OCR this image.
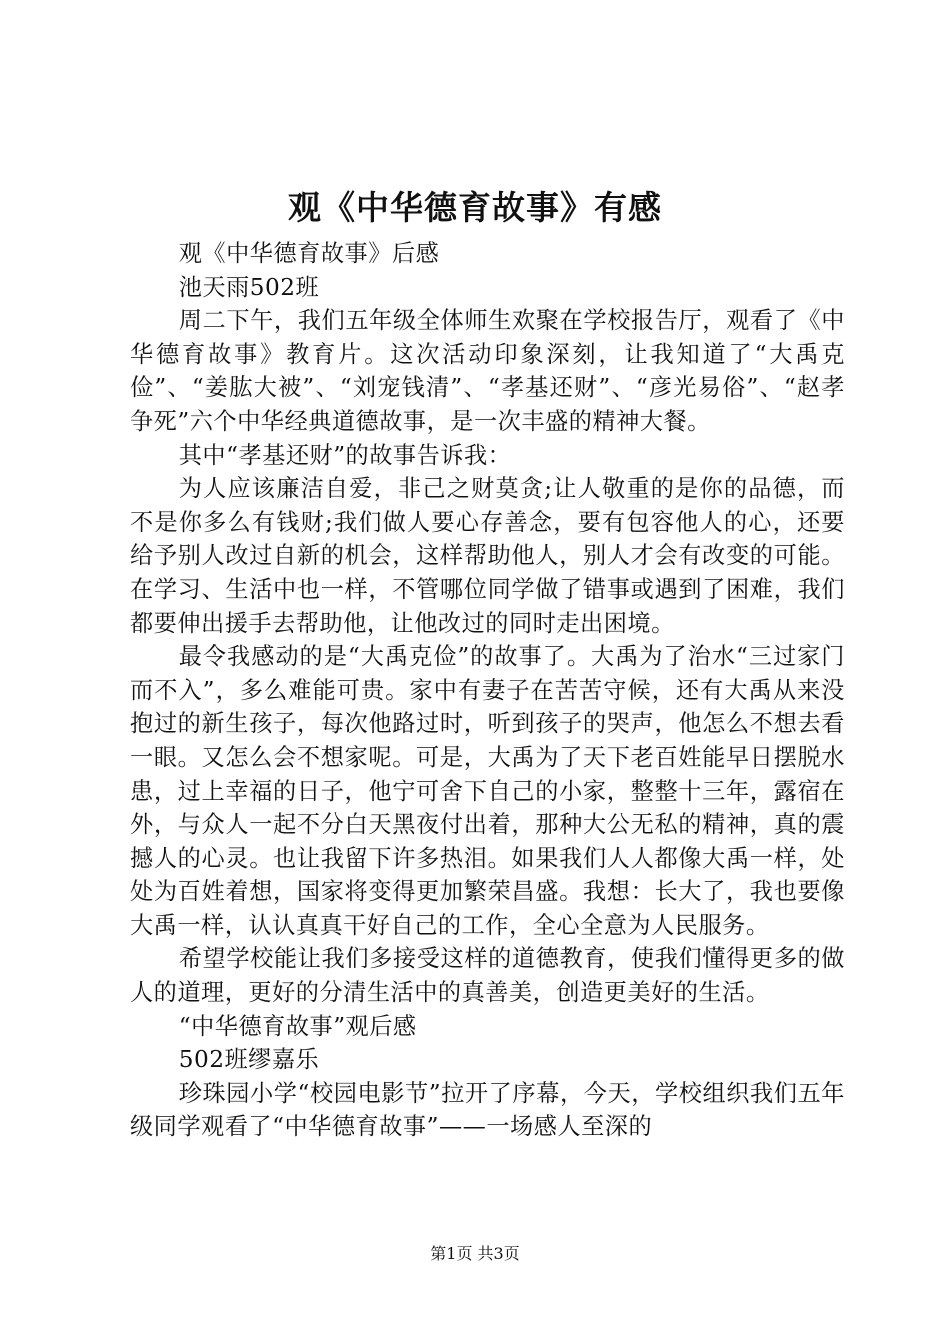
观《中华德育故事》有感

观《中华德育故事》后感

池天雨502班

周二下午，我们五年级全体师生欢聚在学校报告厅，观看了《中华德育故事》教育片。这次活动印象深刻，让我知道了“大禹克俭”、“姜肱大被”、“刘宠钱清”、“孝基还财”、“彦光易俗”、“赵孝争死”六个中华经典道德故事，是一次丰盛的精神大餐。

其中“孝基还财”的故事告诉我：

为人应该廉洁自爱，非己之财莫贪;让人敬重的是你的品德，而不是你多么有钱财;我们做人要心存善念，要有包容他人的心，还要给予别人改过自新的机会，这样帮助他人，别人才会有改变的可能。在学习、生活中也一样，不管哪位同学做了错事或遇到了困难，我们都要伸出援手去帮助他，让他改过的同时走出困境。

最令我感动的是“大禹克俭”的故事了。大禹为了治水“三过家门而不入”，多么难能可贵。家中有妻子在苦苦守候，还有大禹从来没抱过的新生孩子，每次他路过时，听到孩子的哭声，他怎么不想去看一眼。又怎么会不想家呢。可是，大禹为了天下老百姓能早日摆脱水患，过上幸福的日子，他宁可舍下自己的小家，整整十三年，露宿在外，与众人一起不分白天黑夜付出着，那种大公无私的精神，真的震撼人的心灵。也让我留下许多热泪。如果我们人人都像大禹一样，处处为百姓着想，国家将变得更加繁荣昌盛。我想：长大了，我也要像大禹一样，认认真真干好自己的工作，全心全意为人民服务。

希望学校能让我们多接受这样的道德教育，使我们懂得更多的做人的道理，更好的分清生活中的真善美，创造更美好的生活。

“中华德育故事”观后感

502班缪嘉乐

珍珠园小学“校园电影节”拉开了序幕，今天，学校组织我们五年级同学观看了“中华德育故事”——一场感人至深的

第1页 共3页
